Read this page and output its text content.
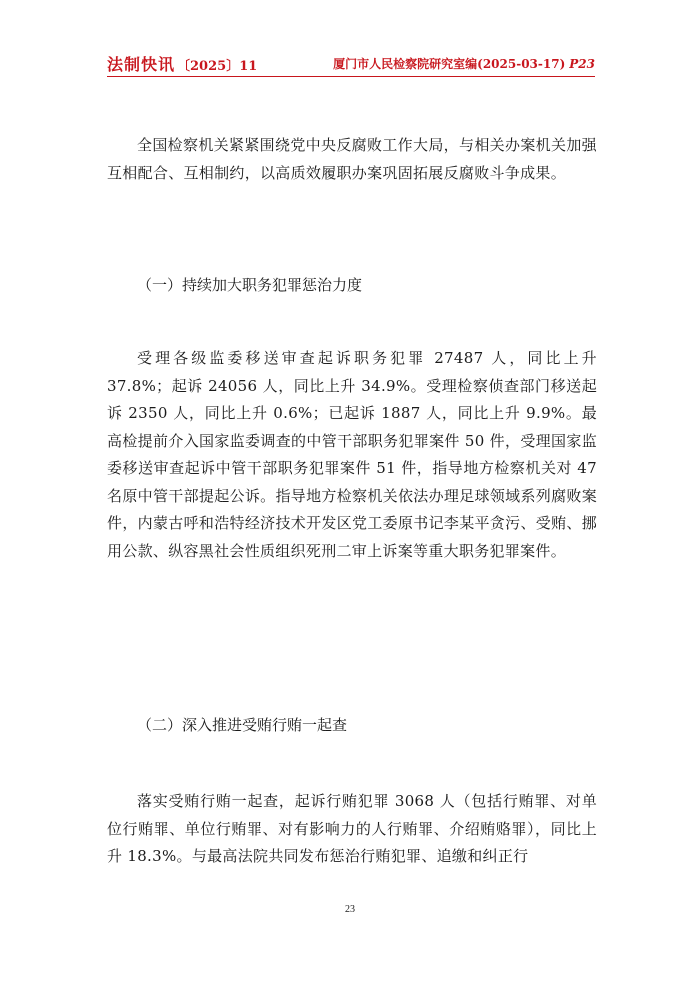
法制快讯 〔2025〕11	厦门市人民检察院研究室编(2025-03-17) P23

全国检察机关紧紧围绕党中央反腐败工作大局，与相关办案机关加强互相配合、互相制约，以高质效履职办案巩固拓展反腐败斗争成果。

（一）持续加大职务犯罪惩治力度

受理各级监委移送审查起诉职务犯罪 27487 人，同比上升 37.8%；起诉 24056 人，同比上升 34.9%。受理检察侦查部门移送起诉 2350 人，同比上升 0.6%；已起诉 1887 人，同比上升 9.9%。最高检提前介入国家监委调查的中管干部职务犯罪案件 50 件，受理国家监委移送审查起诉中管干部职务犯罪案件 51 件，指导地方检察机关对 47 名原中管干部提起公诉。指导地方检察机关依法办理足球领域系列腐败案件，内蒙古呼和浩特经济技术开发区党工委原书记李某平贪污、受贿、挪用公款、纵容黑社会性质组织死刑二审上诉案等重大职务犯罪案件。

（二）深入推进受贿行贿一起查

落实受贿行贿一起查，起诉行贿犯罪 3068 人（包括行贿罪、对单位行贿罪、单位行贿罪、对有影响力的人行贿罪、介绍贿赂罪），同比上升 18.3%。与最高法院共同发布惩治行贿犯罪、追缴和纠正行

23
